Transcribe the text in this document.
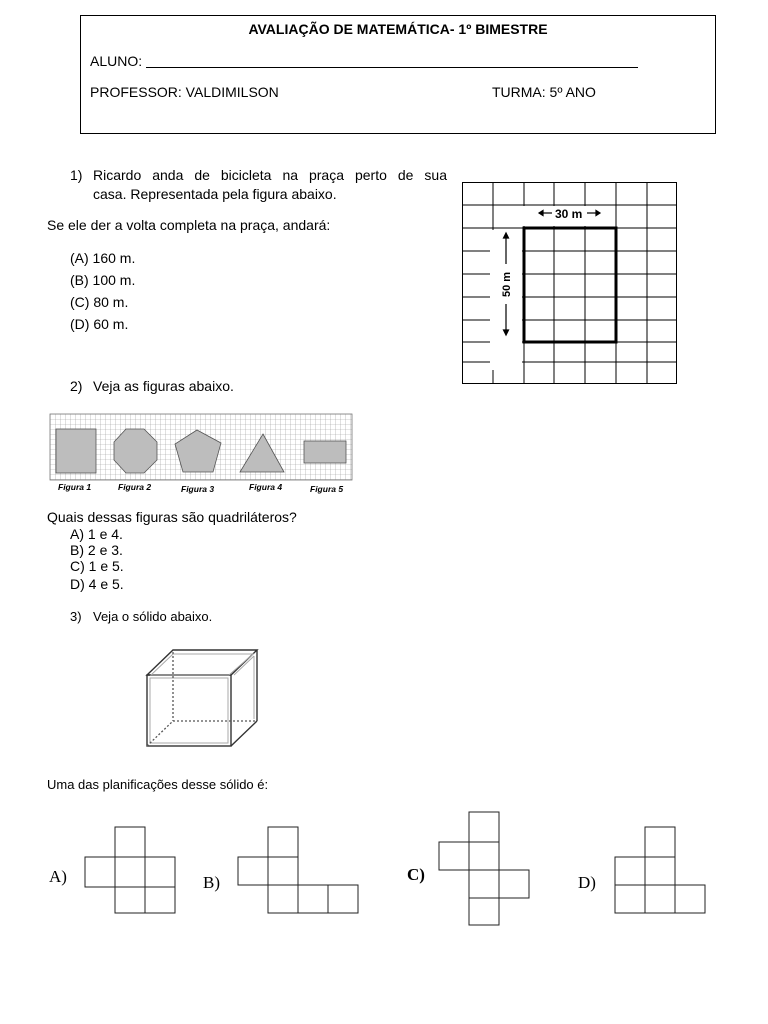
AVALIAÇÃO DE MATEMÁTICA- 1º BIMESTRE
ALUNO:
PROFESSOR: VALDIMILSON	TURMA: 5º ANO
1) Ricardo anda de bicicleta na praça perto de sua
casa. Representada pela figura abaixo.
Se ele der a volta completa na praça, andará:
(A) 160 m.
(B) 100 m.
(C) 80 m.
(D) 60 m.
30 m
50 m
2) Veja as figuras abaixo.
Figura 1	Figura 2	Figura 3	Figura 4	Figura 5
Quais dessas figuras são quadriláteros?
A) 1 e 4.
B) 2 e 3.
C) 1 e 5.
D) 4 e 5.
3) Veja o sólido abaixo.
Uma das planificações desse sólido é:
A)	B)	C)	D)
